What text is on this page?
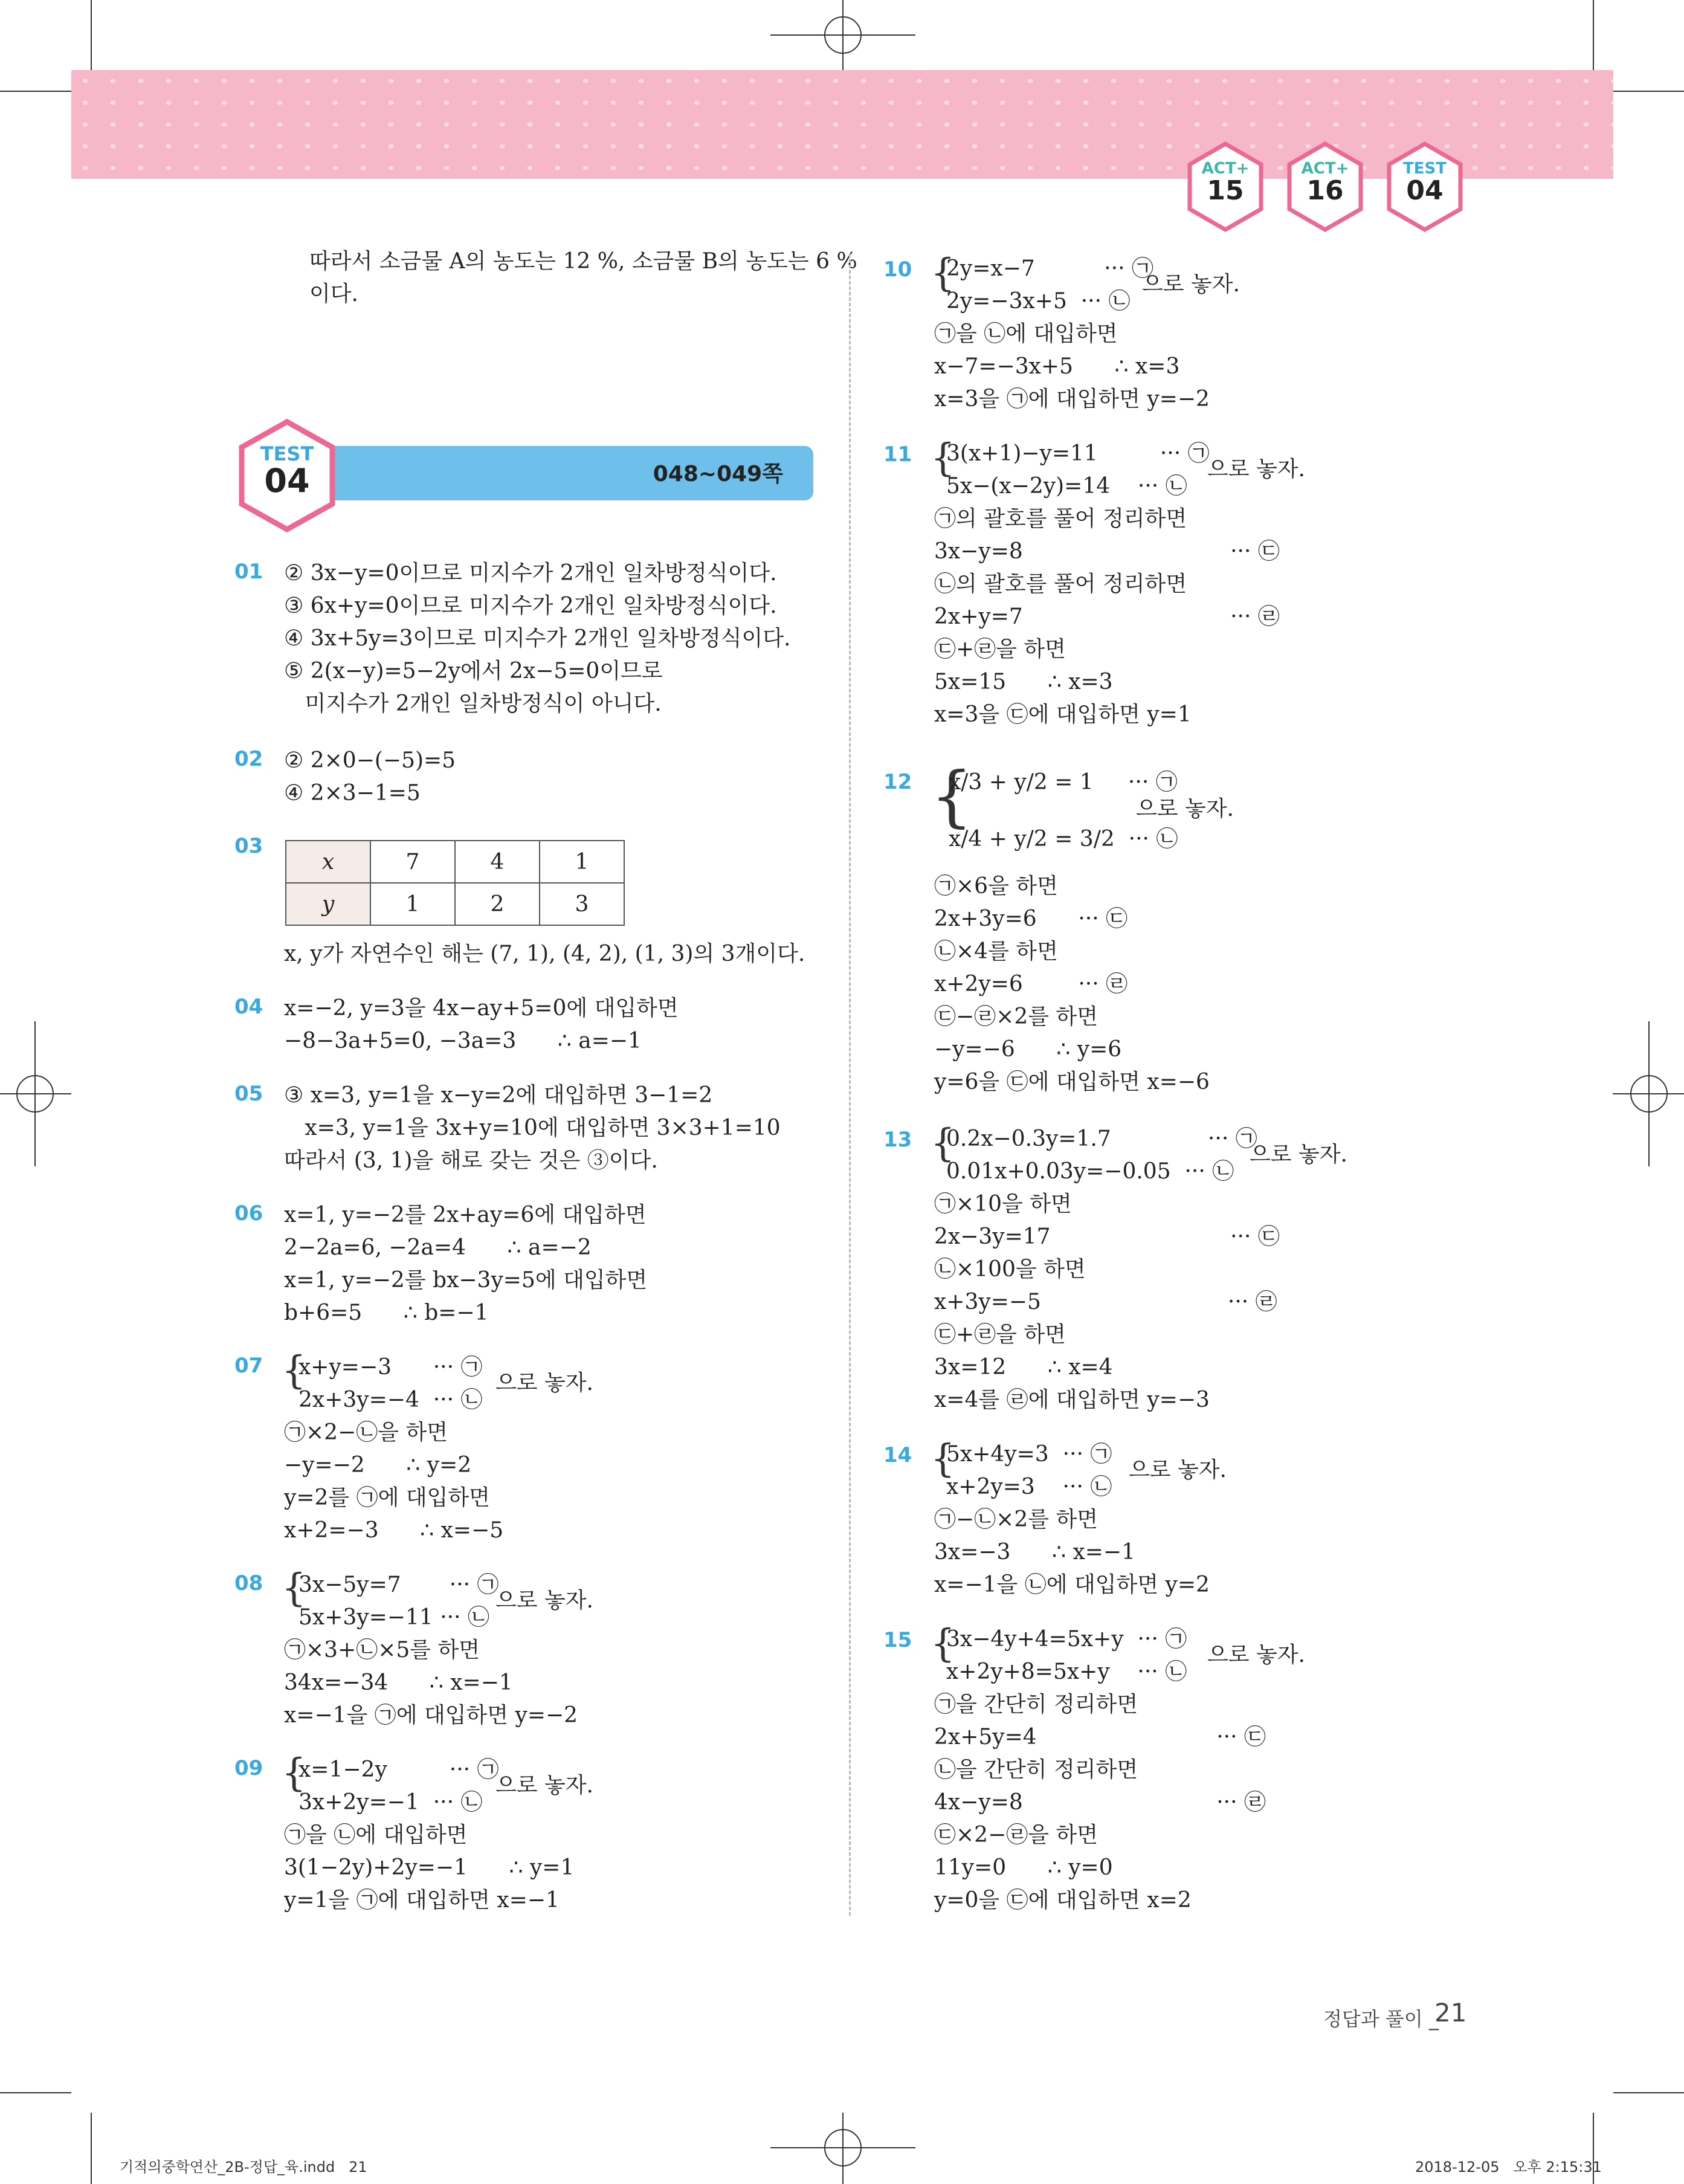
ACT+
15
ACT+
16
TEST
04
따라서 소금물 A의 농도는 12 %, 소금물 B의 농도는 6 %
이다.
048~049쪽
TEST
04
01 ② 3x−y=0이므로 미지수가 2개인 일차방정식이다.
③ 6x+y=0이므로 미지수가 2개인 일차방정식이다.
④ 3x+5y=3이므로 미지수가 2개인 일차방정식이다.
⑤ 2(x−y)=5−2y에서 2x−5=0이므로
미지수가 2개인 일차방정식이 아니다.
02 ② 2×0−(−5)=5
④ 2×3−1=5
03
x	7	4	1
y	1	2	3
x, y가 자연수인 해는 (7, 1), (4, 2), (1, 3)의 3개이다.
04 x=−2, y=3을 4x−ay+5=0에 대입하면
−8−3a+5=0, −3a=3      ∴ a=−1
05 ③ x=3, y=1을 x−y=2에 대입하면 3−1=2
x=3, y=1을 3x+y=10에 대입하면 3×3+1=10
따라서 (3, 1)을 해로 갖는 것은 ③이다.
06 x=1, y=−2를 2x+ay=6에 대입하면
2−2a=6, −2a=4      ∴ a=−2
x=1, y=−2를 bx−3y=5에 대입하면
b+6=5      ∴ b=−1
07 {
x+y=−3      ··· ㉠
2x+3y=−4  ··· ㉡
으로 놓자.
㉠×2−㉡을 하면
−y=−2      ∴ y=2
y=2를 ㉠에 대입하면
x+2=−3      ∴ x=−5
08 {
3x−5y=7       ··· ㉠
5x+3y=−11 ··· ㉡
으로 놓자.
㉠×3+㉡×5를 하면
34x=−34      ∴ x=−1
x=−1을 ㉠에 대입하면 y=−2
09 {
x=1−2y         ··· ㉠
3x+2y=−1  ··· ㉡
으로 놓자.
㉠을 ㉡에 대입하면
3(1−2y)+2y=−1      ∴ y=1
y=1을 ㉠에 대입하면 x=−1
10 {
2y=x−7          ··· ㉠
2y=−3x+5  ··· ㉡
으로 놓자.
㉠을 ㉡에 대입하면
x−7=−3x+5      ∴ x=3
x=3을 ㉠에 대입하면 y=−2
11 {
3(x+1)−y=11         ··· ㉠
5x−(x−2y)=14    ··· ㉡
으로 놓자.
㉠의 괄호를 풀어 정리하면
3x−y=8                              ··· ㉢
㉡의 괄호를 풀어 정리하면
2x+y=7                              ··· ㉣
㉢+㉣을 하면
5x=15      ∴ x=3
x=3을 ㉢에 대입하면 y=1
12 {
x/3 + y/2 = 1     ··· ㉠
x/4 + y/2 = 3/2  ··· ㉡
으로 놓자.
㉠×6을 하면
2x+3y=6      ··· ㉢
㉡×4를 하면
x+2y=6        ··· ㉣
㉢−㉣×2를 하면
−y=−6      ∴ y=6
y=6을 ㉢에 대입하면 x=−6
13 {
0.2x−0.3y=1.7              ··· ㉠
0.01x+0.03y=−0.05  ··· ㉡
으로 놓자.
㉠×10을 하면
2x−3y=17                          ··· ㉢
㉡×100을 하면
x+3y=−5                           ··· ㉣
㉢+㉣을 하면
3x=12      ∴ x=4
x=4를 ㉣에 대입하면 y=−3
14 {
5x+4y=3  ··· ㉠
x+2y=3    ··· ㉡
으로 놓자.
㉠−㉡×2를 하면
3x=−3      ∴ x=−1
x=−1을 ㉡에 대입하면 y=2
15 {
3x−4y+4=5x+y  ··· ㉠
x+2y+8=5x+y    ··· ㉡
으로 놓자.
㉠을 간단히 정리하면
2x+5y=4                          ··· ㉢
㉡을 간단히 정리하면
4x−y=8                            ··· ㉣
㉢×2−㉣을 하면
11y=0      ∴ y=0
y=0을 ㉢에 대입하면 x=2
정답과 풀이 _
21
기적의중학연산_2B-정답_육.indd   21	2018-12-05   오후 2:15:31
